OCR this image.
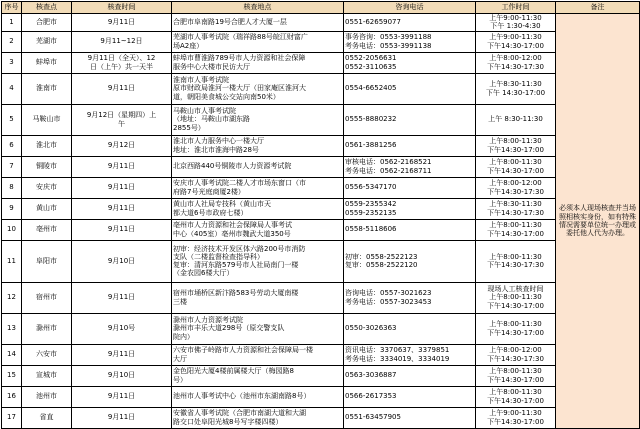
序号	核查点	核查时间	核查地点	咨询电话	工作时间	备注
1	合肥市	9月11日	合肥市阜南路19号合肥人才大厦一层	0551-62659077	上午9:00-11:30
下午 1:30-4:30	必须本人现场核查并当场照相核实身份，如有特殊情况需要单位统一办理或委托他人代为办理。
2	芜湖市	9月11~12日	芜湖市人事考试院（瑞祥路88号皖江财富广
场A2座）	事务咨询：0553-3991188
考务电话：0553-3991138	上午9:00-11:30
下午14:30-17:00	

3	蚌埠市	9月11日（全天）、12
日（上午）共一天半	蚌埠市曹淮路789号市人力资源和社会保障
服务中心大楼市民访大厅	0552-2056631
0552-3110635	上午8:00-12:00
下午14:30-17:30	

4	淮南市	9月11日	淮南市人事考试院
原市财政局淮河一楼大厅（田家庵区淮河大
道，朝阳美食城公交站向南50米）	0554-6652405	上午8:30-11:30
下午 14:30-17:00	

5	马鞍山市	9月12日（星期四）上
午	马鞍山市人事考试院
（地址：马鞍山市湖东路
2855号）	0555-8880232	上午 8:30-11:30	

6	淮北市	9月12日	淮北市人力服务中心一楼大厅
地址：淮北市淮海中路28号	0561-3881256	上午8:00-11:30
下午14:30-17:00	

7	铜陵市	9月11日	北京西路440号铜陵市人力资源考试院	审核电话：0562-2168521
考务电话：0562-2168711	上午8:00-11:30
下午14:30-17:00	

8	安庆市	9月11日	安庆市人事考试院二楼人才市场东窗口（市
府路7号光庭商厦2楼）	0556-5347170	上午8:00-12:00
下午14:30-17:30	

9	黄山市	9月11日	黄山市人社局专技科（黄山市天
都大道6号市政府七楼）	0559-2355342
0559-2352135	上午8:30-11:30
下午14:30-17:30	

10	亳州市	9月11日	亳州市人力资源和社会保障局人事考试
中心（405室）亳州市魏武大道350号	0558-5118606	上午8:00-11:30
下午14:30-17:00	

11	阜阳市	9月10日	初审：经济技术开发区体六路200号市消防
支队（二楼监督检查指导科）
复审：清河东路579号市人社局南门一楼
（金农园6楼大厅）	初审：0558-2522123
复审：0558-2522120	上午8:00-11:30
下午14:30-17:30	

12	宿州市	9月11日	宿州市埇桥区新汴路583号劳动大厦南楼
三楼	咨询电话：0557-3021623
考务电话：0557-3023453	现场人工核查时间
上午8:00-11:30
下午14:30-17:00	

13	滁州市	9月10号	滁州市人力资源考试院
滁州市丰乐大道298号（原交警支队
院内）	0550-3026363	上午8:00-11:30
下午14:30-17:00	

14	六安市	9月11日	六安市佛子岭路市人力资源和社会保障局一楼
大厅	资讯电话：3370637、3379851
考务电话：3334019、3334019	上午8:00-12:00
下午14:30-17:30	

15	宣城市	9月10日	金色阳光大厦4楼前属楼大厅（梅园路8
号）	0563-3036887	上午8:00-11:30
下午14:30-17:00	

16	池州市	9月11日	池州市人事考试中心（池州市东湖南路8号）	0566-2617353	上午8:00-11:30
下午14:30-17:00	

17	省直	9月11日	安徽省人事考试院（合肥市南湖大道和大湖
路交口处阜阳光城8号写字楼四楼）	0551-63457905	上午9:00-11:30
下午14:30-17:00	
